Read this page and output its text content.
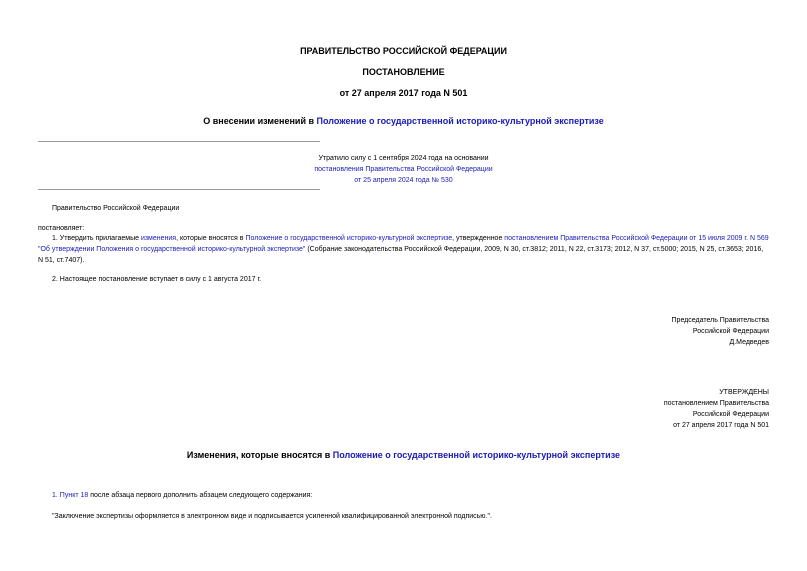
ПРАВИТЕЛЬСТВО РОССИЙСКОЙ ФЕДЕРАЦИИ
ПОСТАНОВЛЕНИЕ
от 27 апреля 2017 года N 501
О внесении изменений в Положение о государственной историко-культурной экспертизе
Утратило силу с 1 сентября 2024 года на основании
постановления Правительства Российской Федерации
от 25 апреля 2024 года № 530
Правительство Российской Федерации
постановляет:
1. Утвердить прилагаемые изменения, которые вносятся в Положение о государственной историко-культурной экспертизе, утвержденное постановлением Правительства Российской Федерации от 15 июля 2009 г. N 569 "Об утверждении Положения о государственной историко-культурной экспертизе" (Собрание законодательства Российской Федерации, 2009, N 30, ст.3812; 2011, N 22, ст.3173; 2012, N 37, ст.5000; 2015, N 25, ст.3653; 2016, N 51, ст.7407).
2. Настоящее постановление вступает в силу с 1 августа 2017 г.
Председатель Правительства
Российской Федерации
Д.Медведев
УТВЕРЖДЕНЫ
постановлением Правительства
Российской Федерации
от 27 апреля 2017 года N 501
Изменения, которые вносятся в Положение о государственной историко-культурной экспертизе
1. Пункт 18 после абзаца первого дополнить абзацем следующего содержания:
"Заключение экспертизы оформляется в электронном виде и подписывается усиленной квалифицированной электронной подписью.".
